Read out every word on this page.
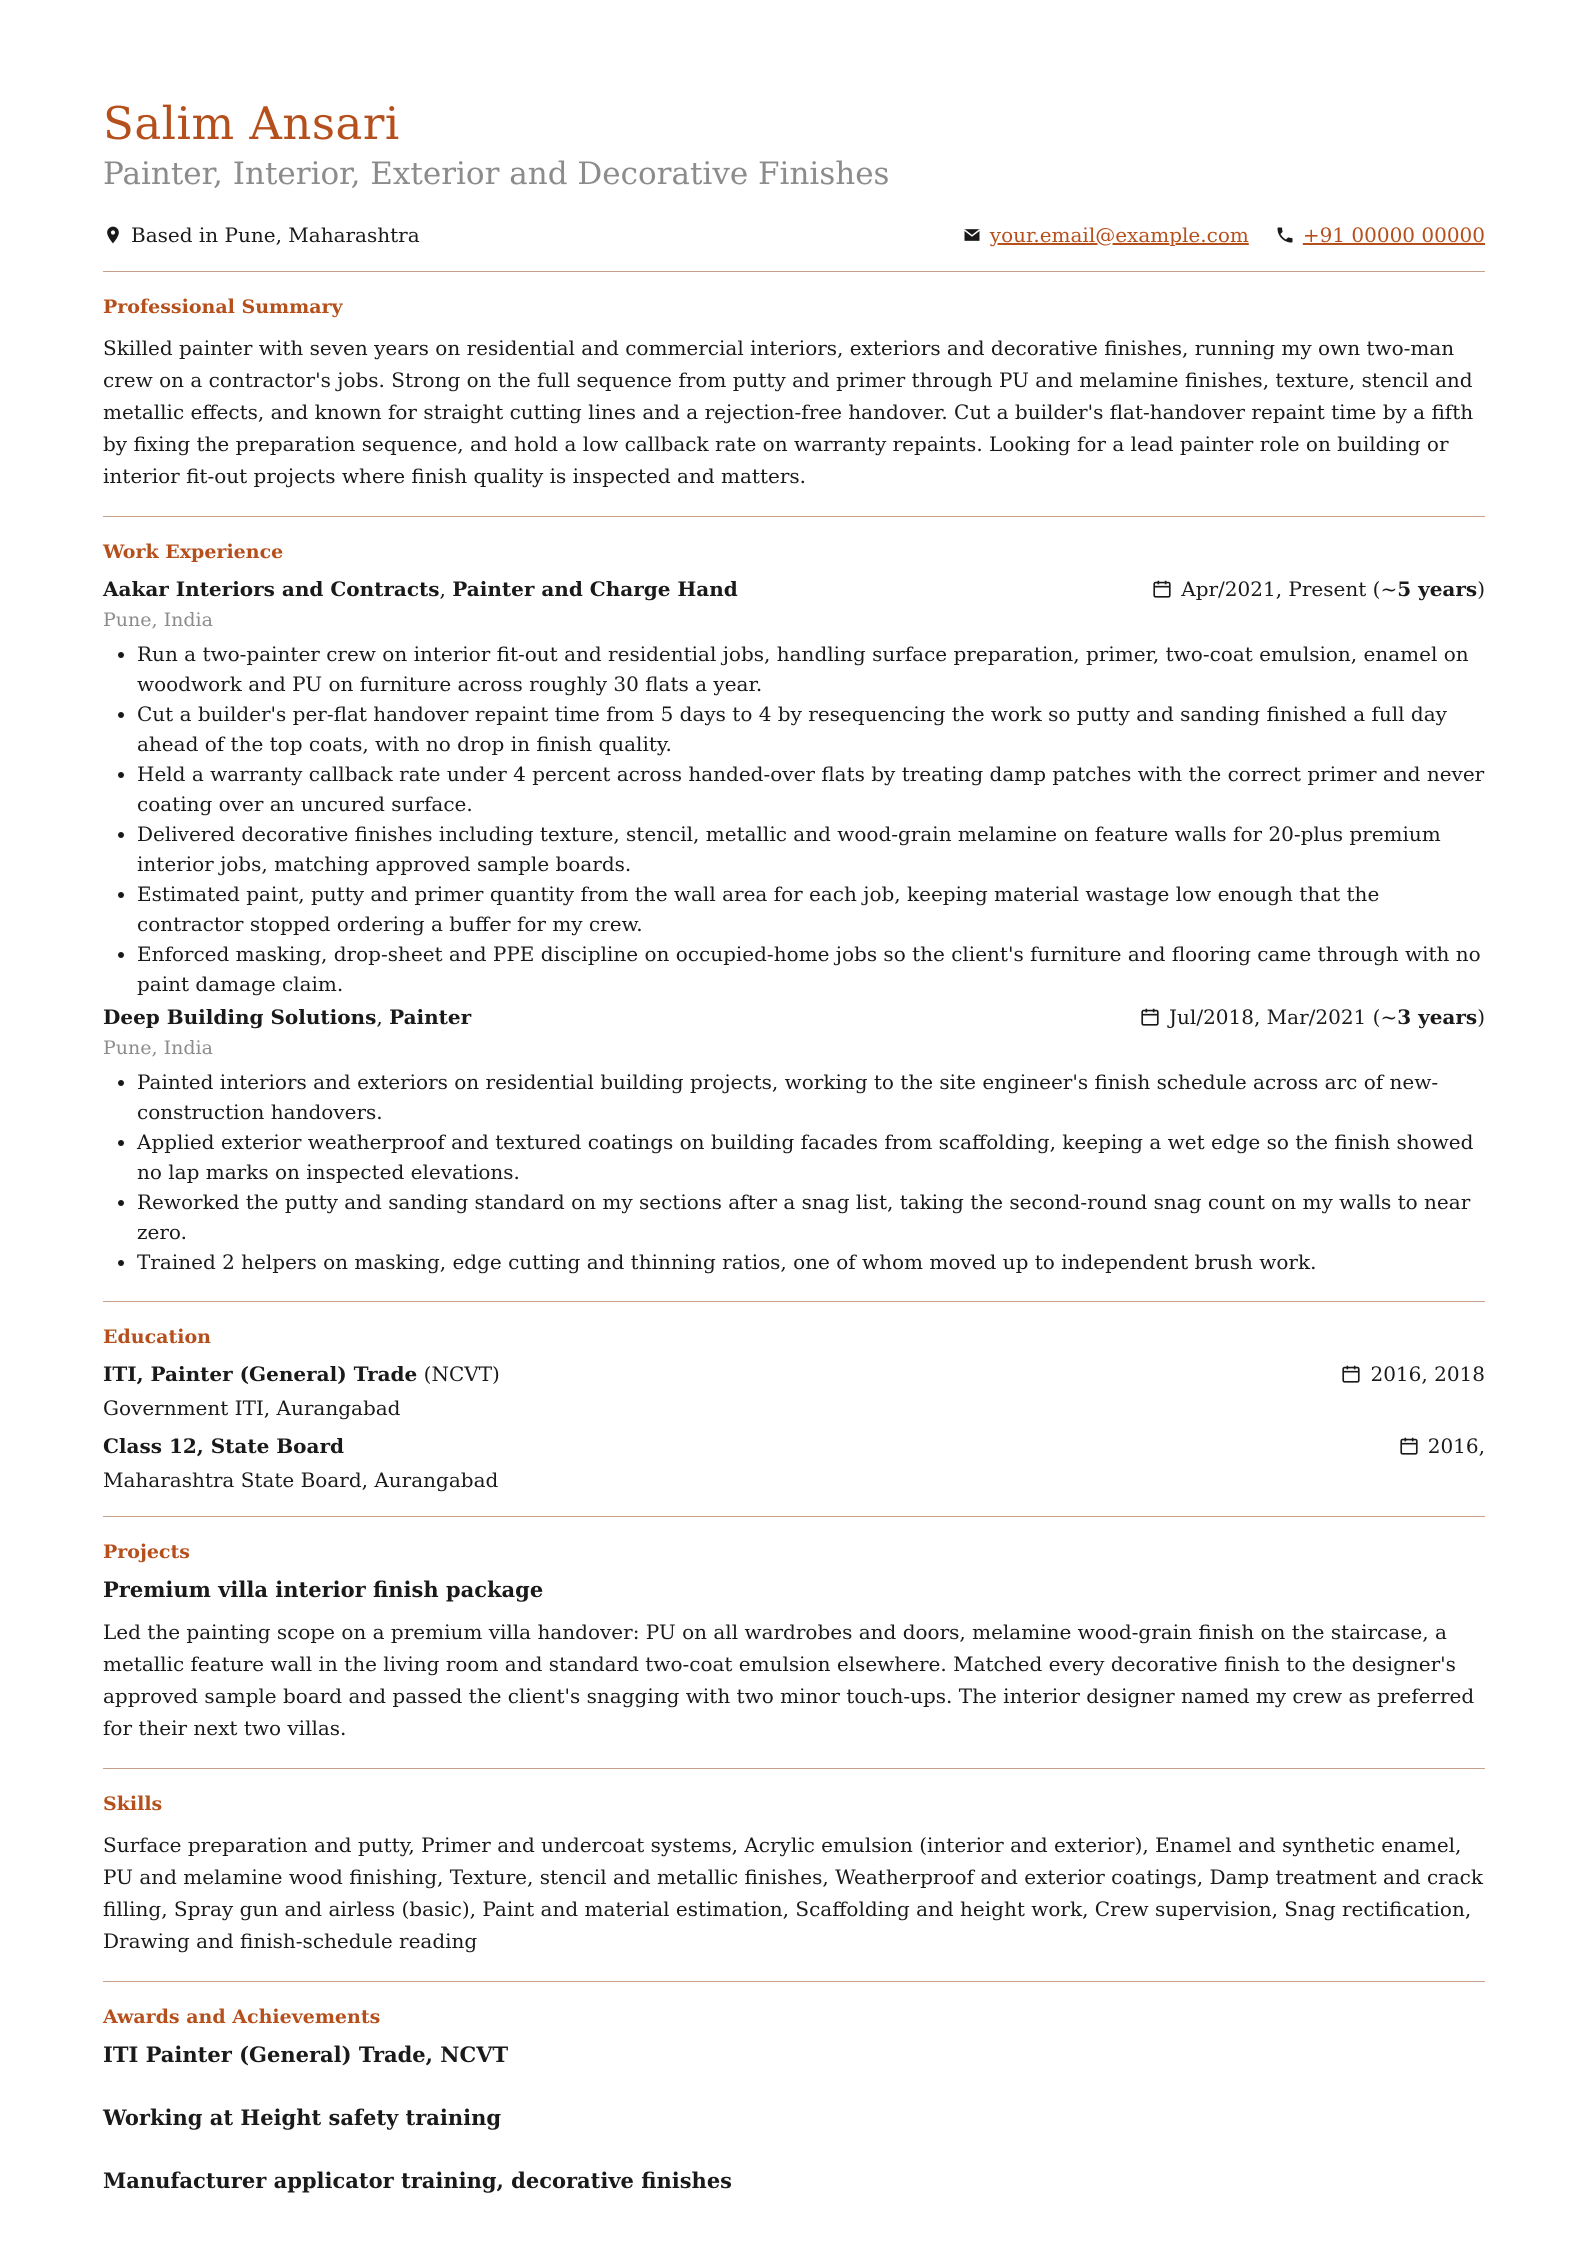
Salim Ansari
Painter, Interior, Exterior and Decorative Finishes
Based in Pune, Maharashtra	your.email@example.com	+91 00000 00000
Professional Summary
Skilled painter with seven years on residential and commercial interiors, exteriors and decorative finishes, running my own two-man crew on a contractor's jobs. Strong on the full sequence from putty and primer through PU and melamine finishes, texture, stencil and metallic effects, and known for straight cutting lines and a rejection-free handover. Cut a builder's flat-handover repaint time by a fifth by fixing the preparation sequence, and hold a low callback rate on warranty repaints. Looking for a lead painter role on building or interior fit-out projects where finish quality is inspected and matters.
Work Experience
Aakar Interiors and Contracts, Painter and Charge Hand	Apr/2021, Present (~ 5 years )
Pune, India
• Run a two-painter crew on interior fit-out and residential jobs, handling surface preparation, primer, two-coat emulsion, enamel on woodwork and PU on furniture across roughly 30 flats a year.
• Cut a builder's per-flat handover repaint time from 5 days to 4 by resequencing the work so putty and sanding finished a full day ahead of the top coats, with no drop in finish quality.
• Held a warranty callback rate under 4 percent across handed-over flats by treating damp patches with the correct primer and never coating over an uncured surface.
• Delivered decorative finishes including texture, stencil, metallic and wood-grain melamine on feature walls for 20-plus premium interior jobs, matching approved sample boards.
• Estimated paint, putty and primer quantity from the wall area for each job, keeping material wastage low enough that the contractor stopped ordering a buffer for my crew.
• Enforced masking, drop-sheet and PPE discipline on occupied-home jobs so the client's furniture and flooring came through with no paint damage claim.
Deep Building Solutions, Painter	Jul/2018, Mar/2021 (~ 3 years )
Pune, India
• Painted interiors and exteriors on residential building projects, working to the site engineer's finish schedule across arc of new-construction handovers.
• Applied exterior weatherproof and textured coatings on building facades from scaffolding, keeping a wet edge so the finish showed no lap marks on inspected elevations.
• Reworked the putty and sanding standard on my sections after a snag list, taking the second-round snag count on my walls to near zero.
• Trained 2 helpers on masking, edge cutting and thinning ratios, one of whom moved up to independent brush work.
Education
ITI, Painter (General) Trade (NCVT)	2016, 2018
Government ITI, Aurangabad
Class 12, State Board	2016,
Maharashtra State Board, Aurangabad
Projects
Premium villa interior finish package
Led the painting scope on a premium villa handover: PU on all wardrobes and doors, melamine wood-grain finish on the staircase, a metallic feature wall in the living room and standard two-coat emulsion elsewhere. Matched every decorative finish to the designer's approved sample board and passed the client's snagging with two minor touch-ups. The interior designer named my crew as preferred for their next two villas.
Skills
Surface preparation and putty, Primer and undercoat systems, Acrylic emulsion (interior and exterior), Enamel and synthetic enamel, PU and melamine wood finishing, Texture, stencil and metallic finishes, Weatherproof and exterior coatings, Damp treatment and crack filling, Spray gun and airless (basic), Paint and material estimation, Scaffolding and height work, Crew supervision, Snag rectification, Drawing and finish-schedule reading
Awards and Achievements
ITI Painter (General) Trade, NCVT
Working at Height safety training
Manufacturer applicator training, decorative finishes
